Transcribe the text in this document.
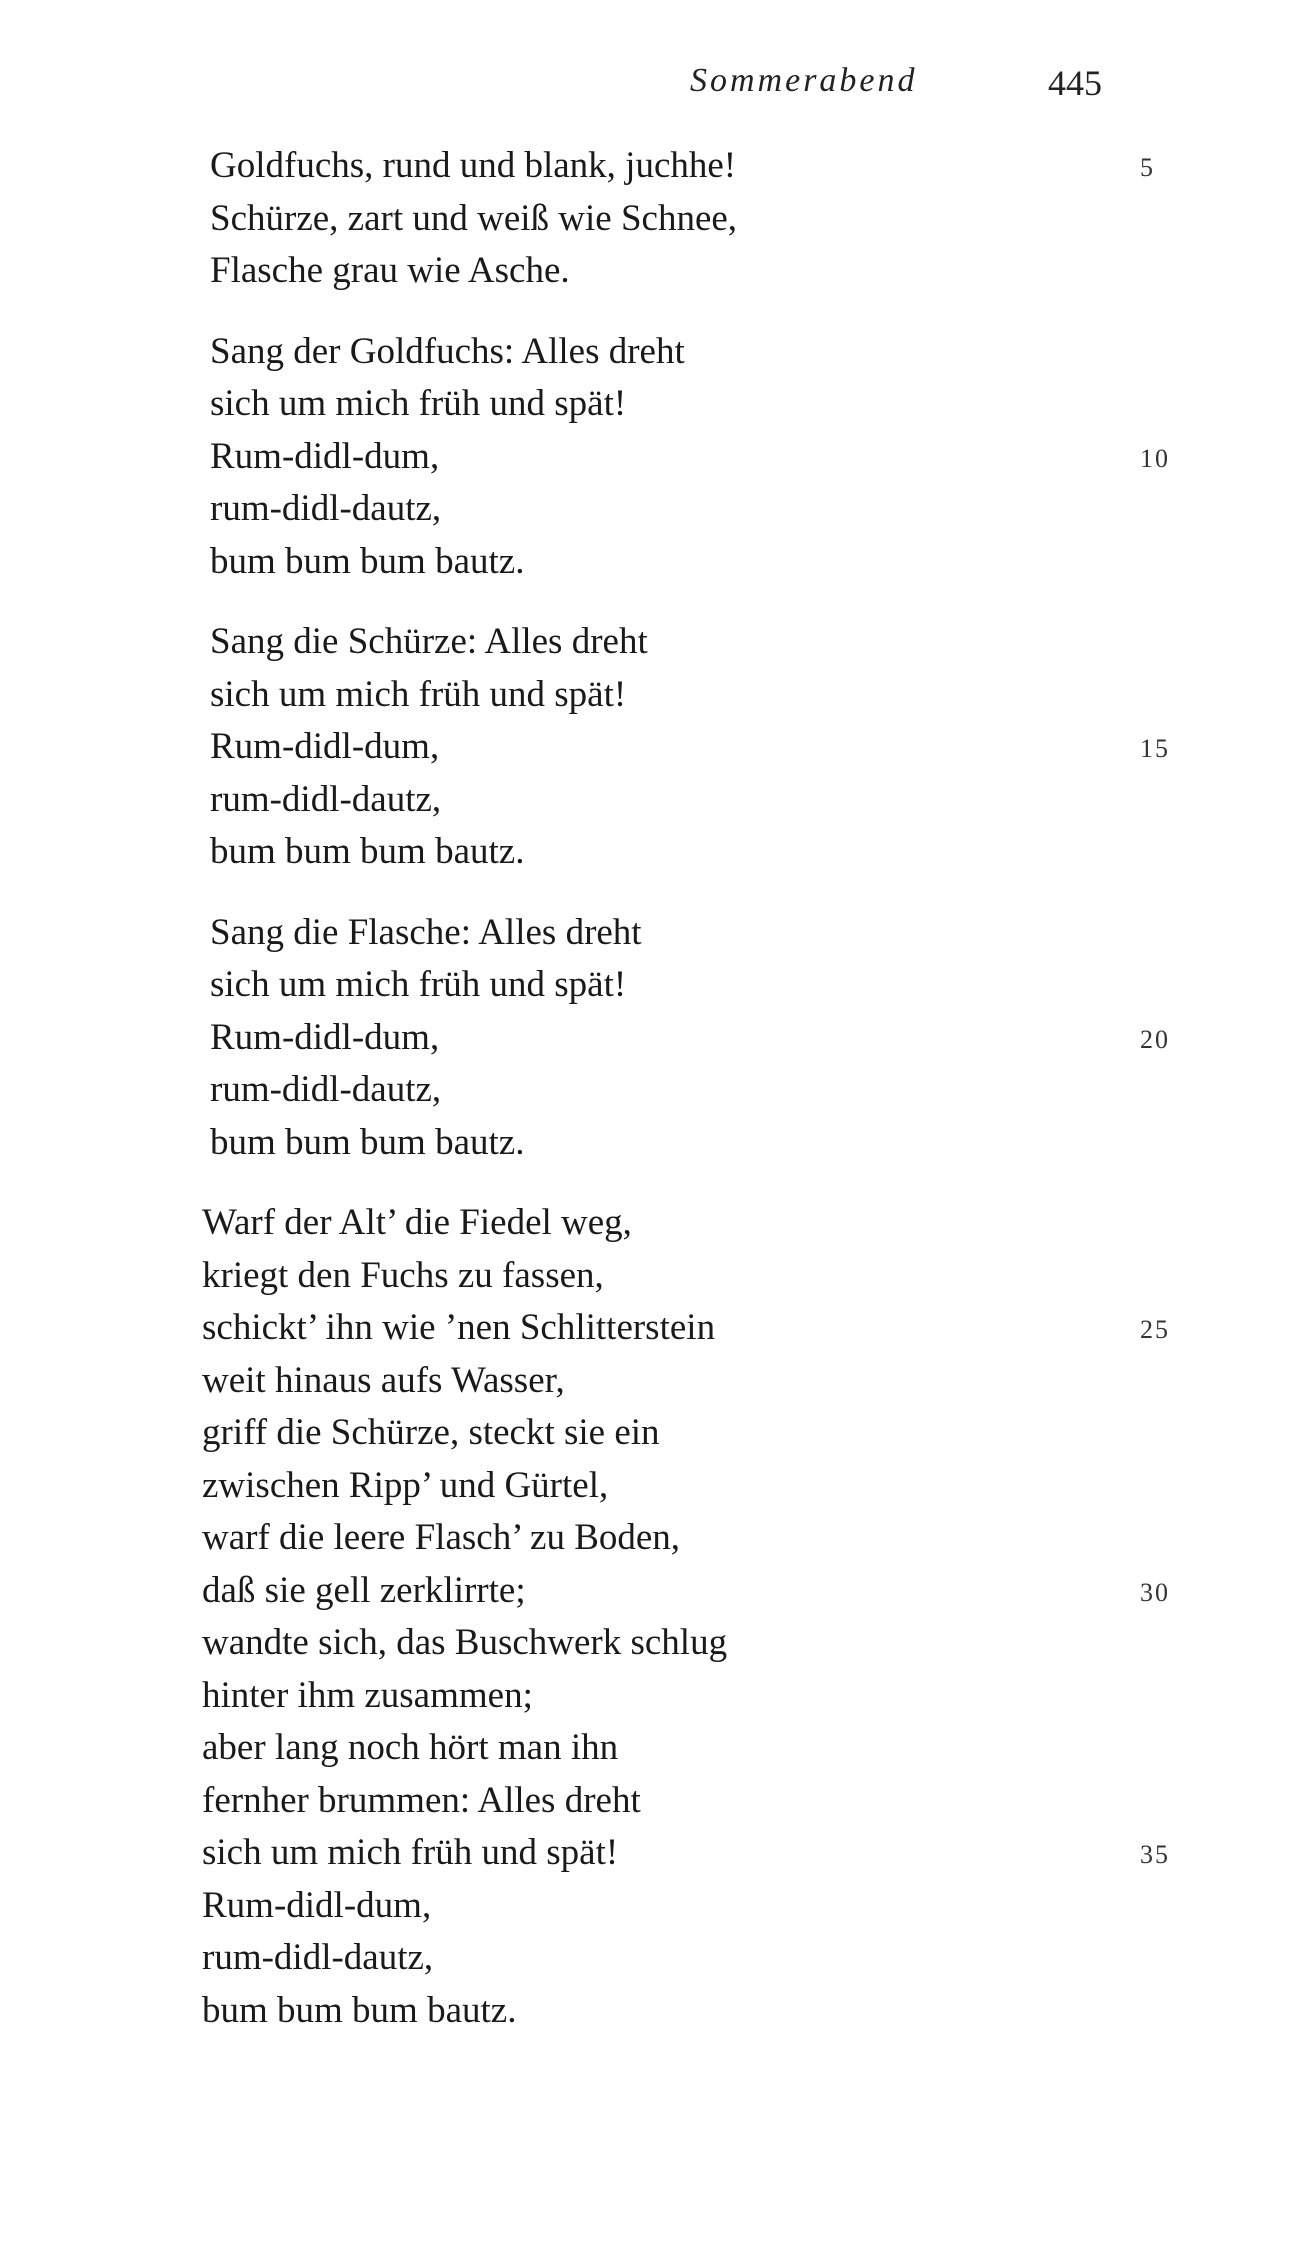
Sommerabend	445
Goldfuchs, rund und blank, juchhe!	5
Schürze, zart und weiß wie Schnee,
Flasche grau wie Asche.
Sang der Goldfuchs: Alles dreht
sich um mich früh und spät!
Rum-didl-dum,	10
rum-didl-dautz,
bum bum bum bautz.
Sang die Schürze: Alles dreht
sich um mich früh und spät!
Rum-didl-dum,	15
rum-didl-dautz,
bum bum bum bautz.
Sang die Flasche: Alles dreht
sich um mich früh und spät!
Rum-didl-dum,	20
rum-didl-dautz,
bum bum bum bautz.
Warf der Alt’ die Fiedel weg,
kriegt den Fuchs zu fassen,
schickt’ ihn wie ’nen Schlitterstein	25
weit hinaus aufs Wasser,
griff die Schürze, steckt sie ein
zwischen Ripp’ und Gürtel,
warf die leere Flasch’ zu Boden,
daß sie gell zerklirrte;	30
wandte sich, das Buschwerk schlug
hinter ihm zusammen;
aber lang noch hört man ihn
fernher brummen: Alles dreht
sich um mich früh und spät!	35
Rum-didl-dum,
rum-didl-dautz,
bum bum bum bautz.
